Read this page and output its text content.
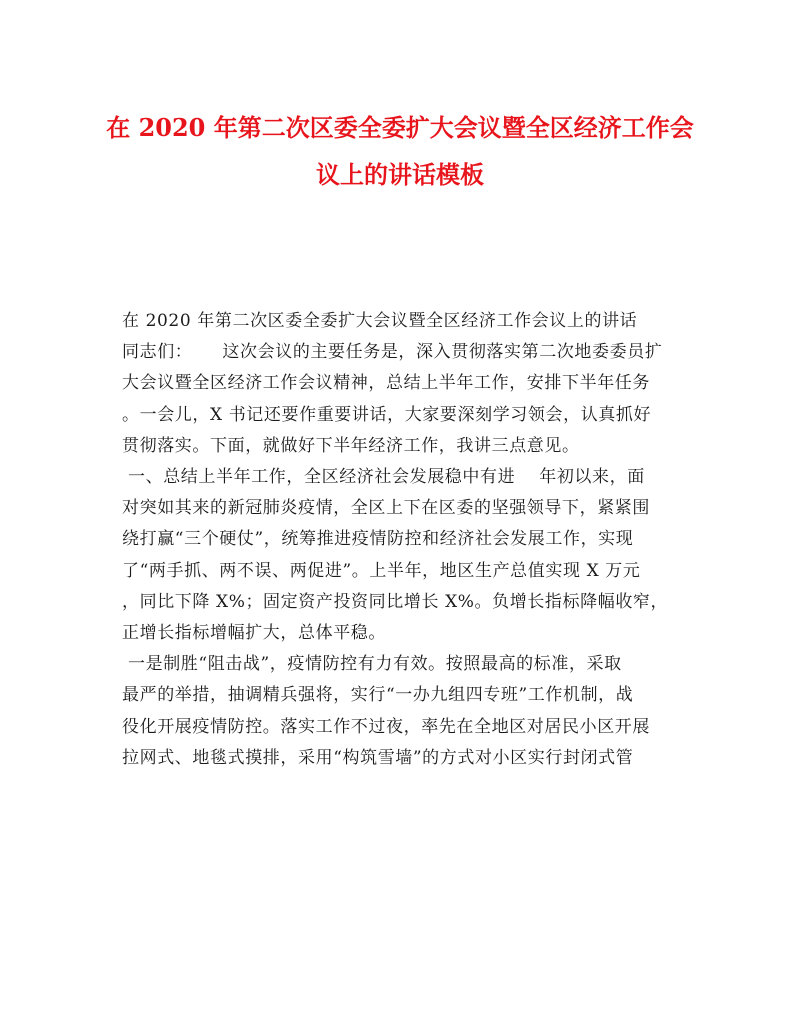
在 2020 年第二次区委全委扩大会议暨全区经济工作会
议上的讲话模板
在 2020 年第二次区委全委扩大会议暨全区经济工作会议上的讲话
同志们：     这次会议的主要任务是，深入贯彻落实第二次地委委员扩
大会议暨全区经济工作会议精神，总结上半年工作，安排下半年任务
。一会儿，X 书记还要作重要讲话，大家要深刻学习领会，认真抓好
贯彻落实。下面，就做好下半年经济工作，我讲三点意见。
一、总结上半年工作，全区经济社会发展稳中有进    年初以来，面
对突如其来的新冠肺炎疫情，全区上下在区委的坚强领导下，紧紧围
绕打赢“三个硬仗”，统筹推进疫情防控和经济社会发展工作，实现
了“两手抓、两不误、两促进”。上半年，地区生产总值实现 X 万元
，同比下降 X%；固定资产投资同比增长 X%。负增长指标降幅收窄，
正增长指标增幅扩大，总体平稳。
一是制胜“阻击战”，疫情防控有力有效。按照最高的标准，采取
最严的举措，抽调精兵强将，实行“一办九组四专班”工作机制，战
役化开展疫情防控。落实工作不过夜，率先在全地区对居民小区开展
拉网式、地毯式摸排，采用“构筑雪墙”的方式对小区实行封闭式管
